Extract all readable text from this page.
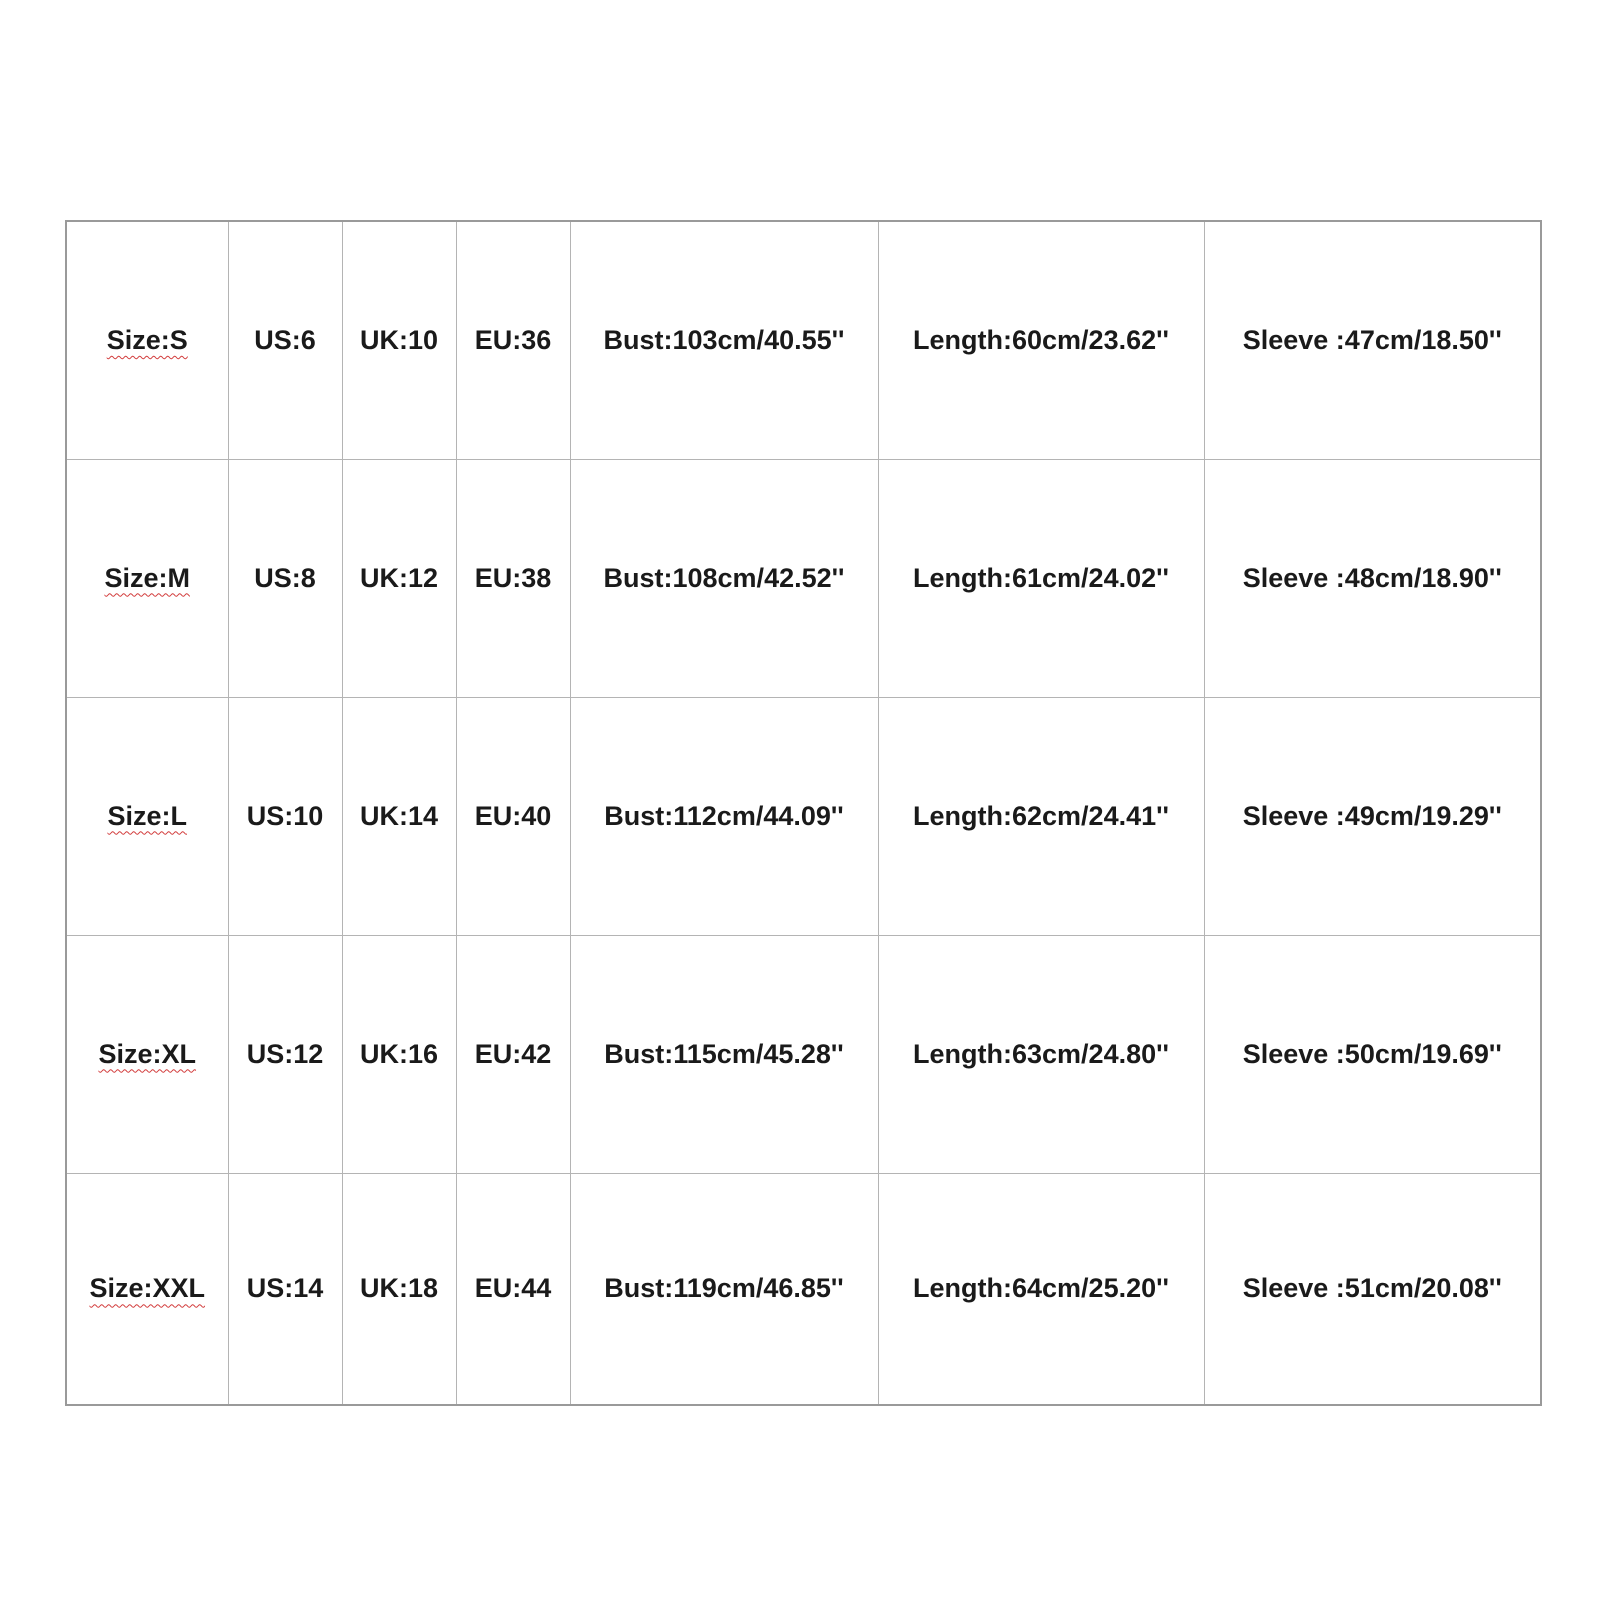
Size:S	US:6	UK:10	EU:36	Bust:103cm/40.55''	Length:60cm/23.62''	Sleeve :47cm/18.50''
Size:M	US:8	UK:12	EU:38	Bust:108cm/42.52''	Length:61cm/24.02''	Sleeve :48cm/18.90''
Size:L	US:10	UK:14	EU:40	Bust:112cm/44.09''	Length:62cm/24.41''	Sleeve :49cm/19.29''
Size:XL	US:12	UK:16	EU:42	Bust:115cm/45.28''	Length:63cm/24.80''	Sleeve :50cm/19.69''
Size:XXL	US:14	UK:18	EU:44	Bust:119cm/46.85''	Length:64cm/25.20''	Sleeve :51cm/20.08''
